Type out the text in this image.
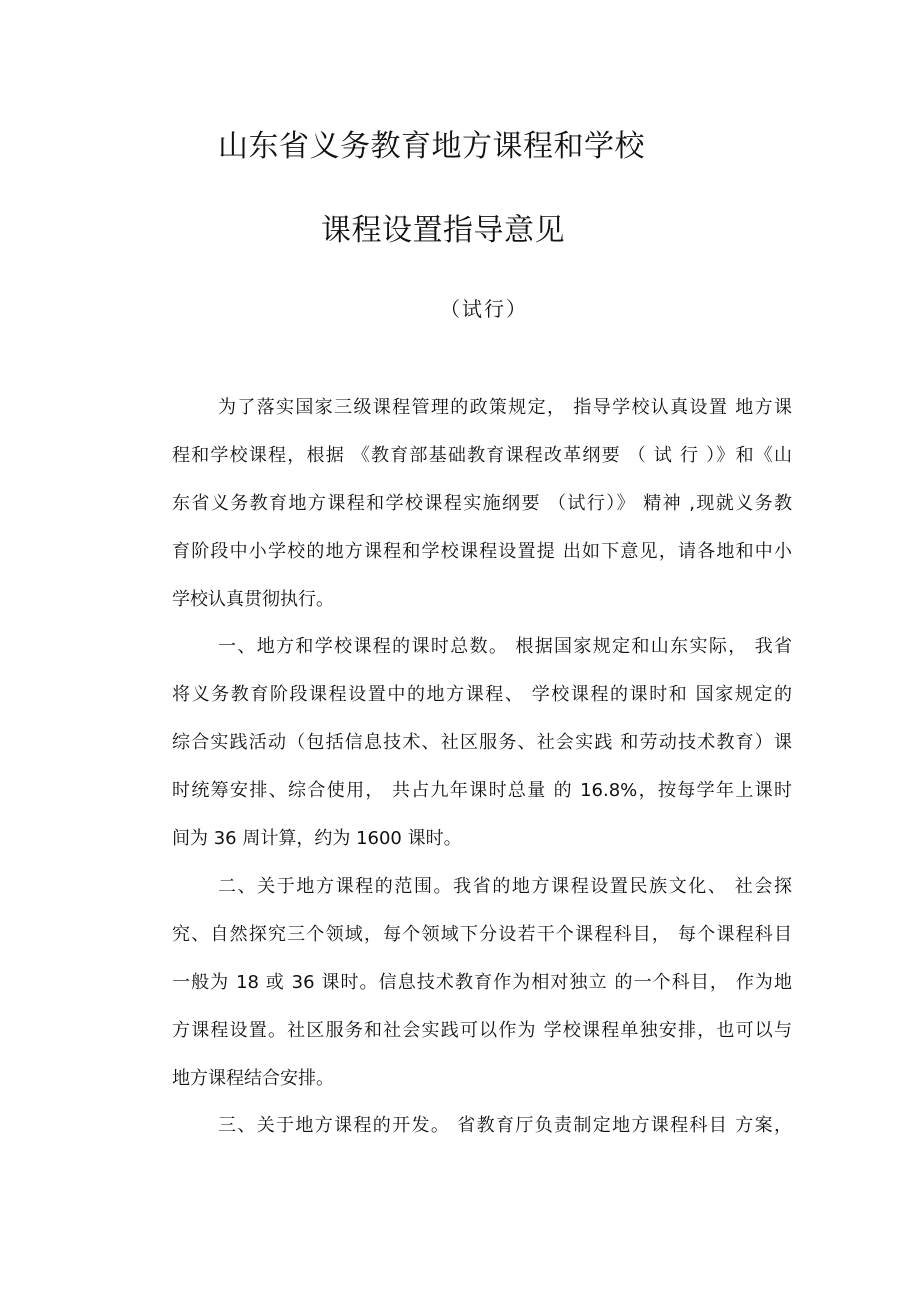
山东省义务教育地方课程和学校
课程设置指导意见
（试行）
为了落实国家三级课程管理的政策规定， 指导学校认真设置 地方课
程和学校课程，根据 《教育部基础教育课程改革纲要 （ 试 行 ）》和《山
东省义务教育地方课程和学校课程实施纲要 （试行）》 精神 ,现就义务教
育阶段中小学校的地方课程和学校课程设置提 出如下意见，请各地和中小
学校认真贯彻执行。
一、地方和学校课程的课时总数。 根据国家规定和山东实际， 我省
将义务教育阶段课程设置中的地方课程、 学校课程的课时和 国家规定的
综合实践活动（包括信息技术、社区服务、社会实践 和劳动技术教育）课
时统筹安排、综合使用， 共占九年课时总量 的 16.8%，按每学年上课时
间为 36 周计算，约为 1600 课时。
二、关于地方课程的范围。我省的地方课程设置民族文化、 社会探
究、自然探究三个领域，每个领域下分设若干个课程科目， 每个课程科目
一般为 18 或 36 课时。信息技术教育作为相对独立 的一个科目， 作为地
方课程设置。社区服务和社会实践可以作为 学校课程单独安排，也可以与
地方课程结合安排。
三、关于地方课程的开发。 省教育厅负责制定地方课程科目 方案，
